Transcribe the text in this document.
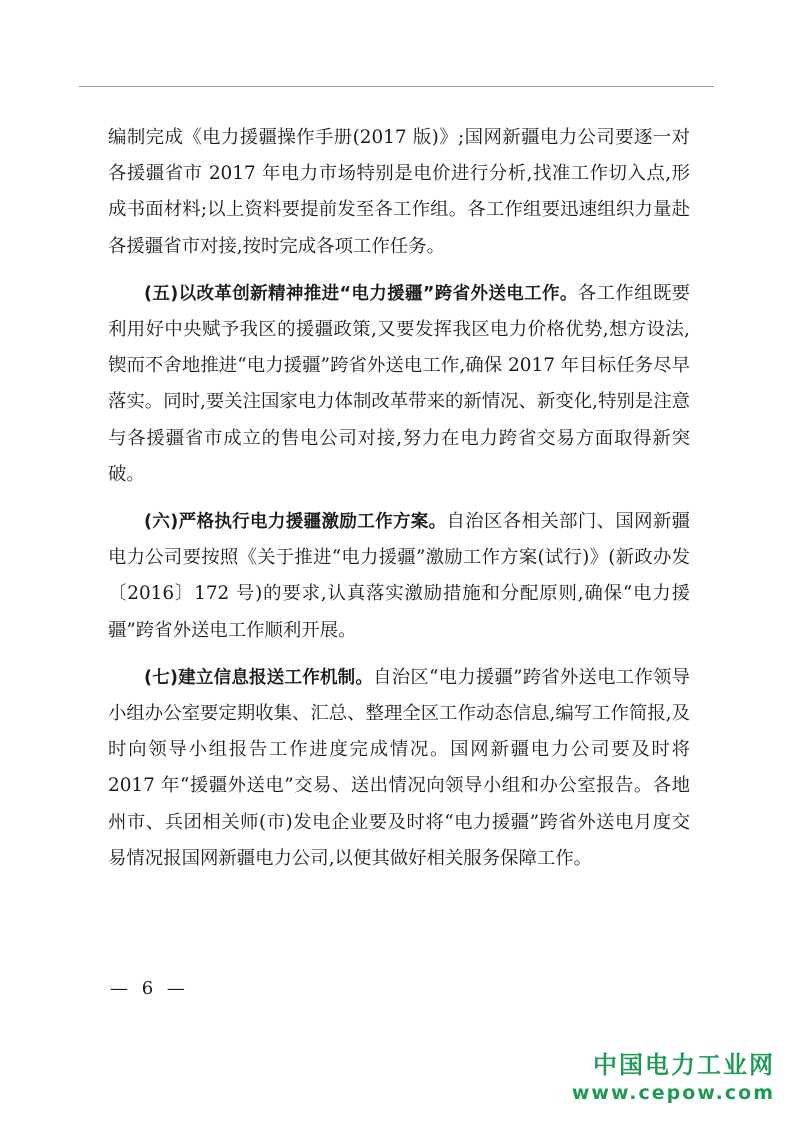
编制完成《电力援疆操作手册(2017 版)》;国网新疆电力公司要逐一对各援疆省市 2017 年电力市场特别是电价进行分析,找准工作切入点,形成书面材料;以上资料要提前发至各工作组。各工作组要迅速组织力量赴各援疆省市对接,按时完成各项工作任务。

(五)以改革创新精神推进“电力援疆”跨省外送电工作。各工作组既要利用好中央赋予我区的援疆政策,又要发挥我区电力价格优势,想方设法,锲而不舍地推进“电力援疆”跨省外送电工作,确保 2017 年目标任务尽早落实。同时,要关注国家电力体制改革带来的新情况、新变化,特别是注意与各援疆省市成立的售电公司对接,努力在电力跨省交易方面取得新突破。

(六)严格执行电力援疆激励工作方案。自治区各相关部门、国网新疆电力公司要按照《关于推进“电力援疆”激励工作方案(试行)》(新政办发〔2016〕172 号)的要求,认真落实激励措施和分配原则,确保“电力援疆”跨省外送电工作顺利开展。

(七)建立信息报送工作机制。自治区“电力援疆”跨省外送电工作领导小组办公室要定期收集、汇总、整理全区工作动态信息,编写工作简报,及时向领导小组报告工作进度完成情况。国网新疆电力公司要及时将 2017 年“援疆外送电”交易、送出情况向领导小组和办公室报告。各地州市、兵团相关师(市)发电企业要及时将“电力援疆”跨省外送电月度交易情况报国网新疆电力公司,以便其做好相关服务保障工作。

— 6 —
中国电力工业网
www.cepow.com
